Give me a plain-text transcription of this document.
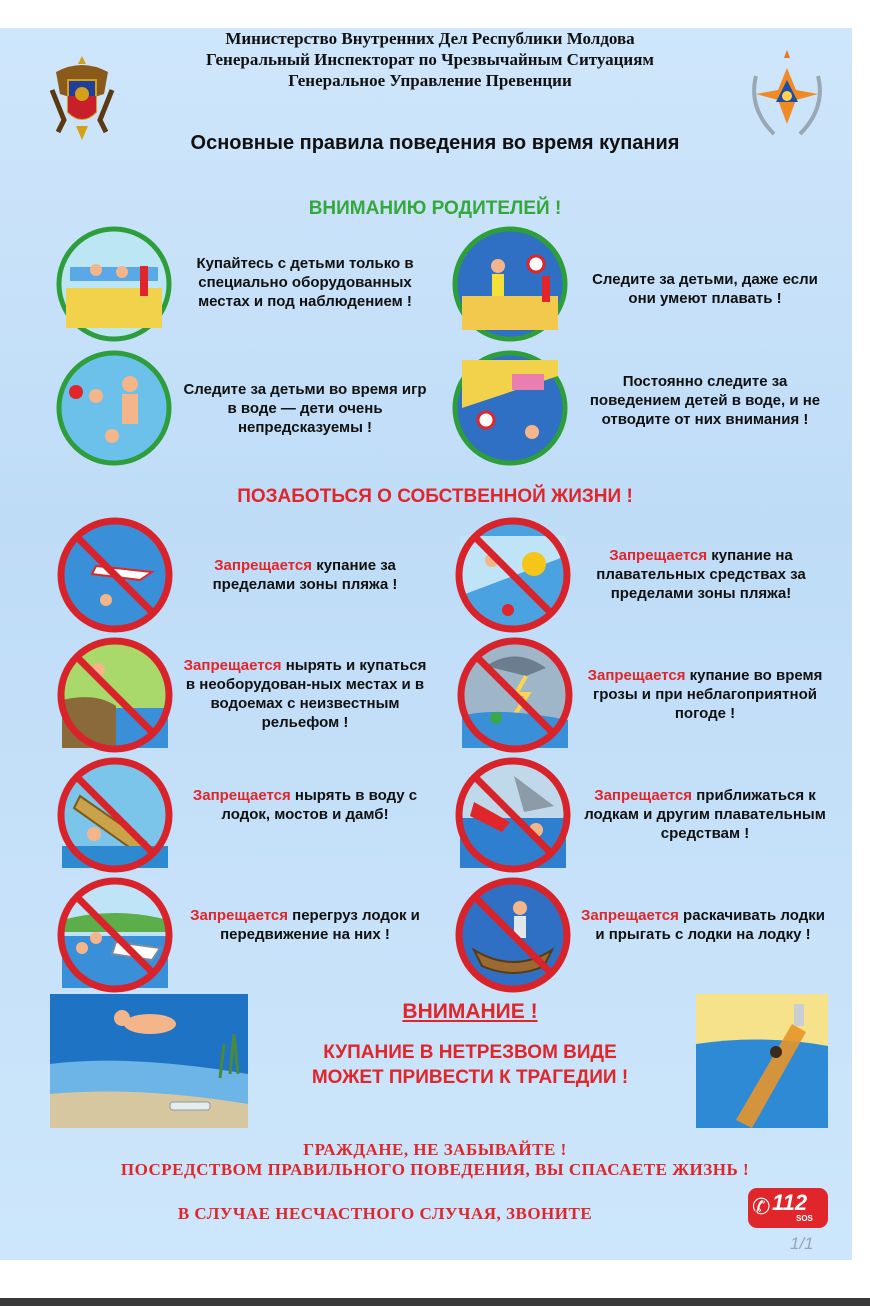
Министерство Внутренних Дел Республики Молдова
Генеральный Инспекторат по Чрезвычайным Ситуациям
Генеральное Управление Превенции
Основные правила поведения во время купания
ВНИМАНИЮ РОДИТЕЛЕЙ !
Купайтесь с детьми только в специально оборудованных местах и под наблюдением !
Следите за детьми, даже если они умеют плавать !
Следите за детьми во время игр в воде — дети очень непредсказуемы !
Постоянно следите за поведением детей в воде, и не отводите от них внимания !
ПОЗАБОТЬСЯ О СОБСТВЕННОЙ ЖИЗНИ !
Запрещается купание за пределами зоны пляжа !
Запрещается купание на плавательных средствах за пределами зоны пляжа!
Запрещается нырять и купаться в необорудован-ных местах и в водоемах с неизвестным рельефом !
Запрещается купание во время грозы и при неблагоприятной погоде !
Запрещается нырять в воду с лодок, мостов и дамб!
Запрещается приближаться к лодкам и другим плавательным средствам !
Запрещается перегруз лодок и передвижение на них !
Запрещается раскачивать лодки и прыгать с лодки на лодку !
ВНИМАНИЕ !
КУПАНИЕ В НЕТРЕЗВОМ ВИДЕ МОЖЕТ ПРИВЕСТИ К ТРАГЕДИИ !
ГРАЖДАНЕ, НЕ ЗАБЫВАЙТЕ !
ПОСРЕДСТВОМ ПРАВИЛЬНОГО ПОВЕДЕНИЯ, ВЫ СПАСАЕТЕ ЖИЗНЬ !
В СЛУЧАЕ НЕСЧАСТНОГО СЛУЧАЯ, ЗВОНИТЕ	✆ 112
SOS
1/1
